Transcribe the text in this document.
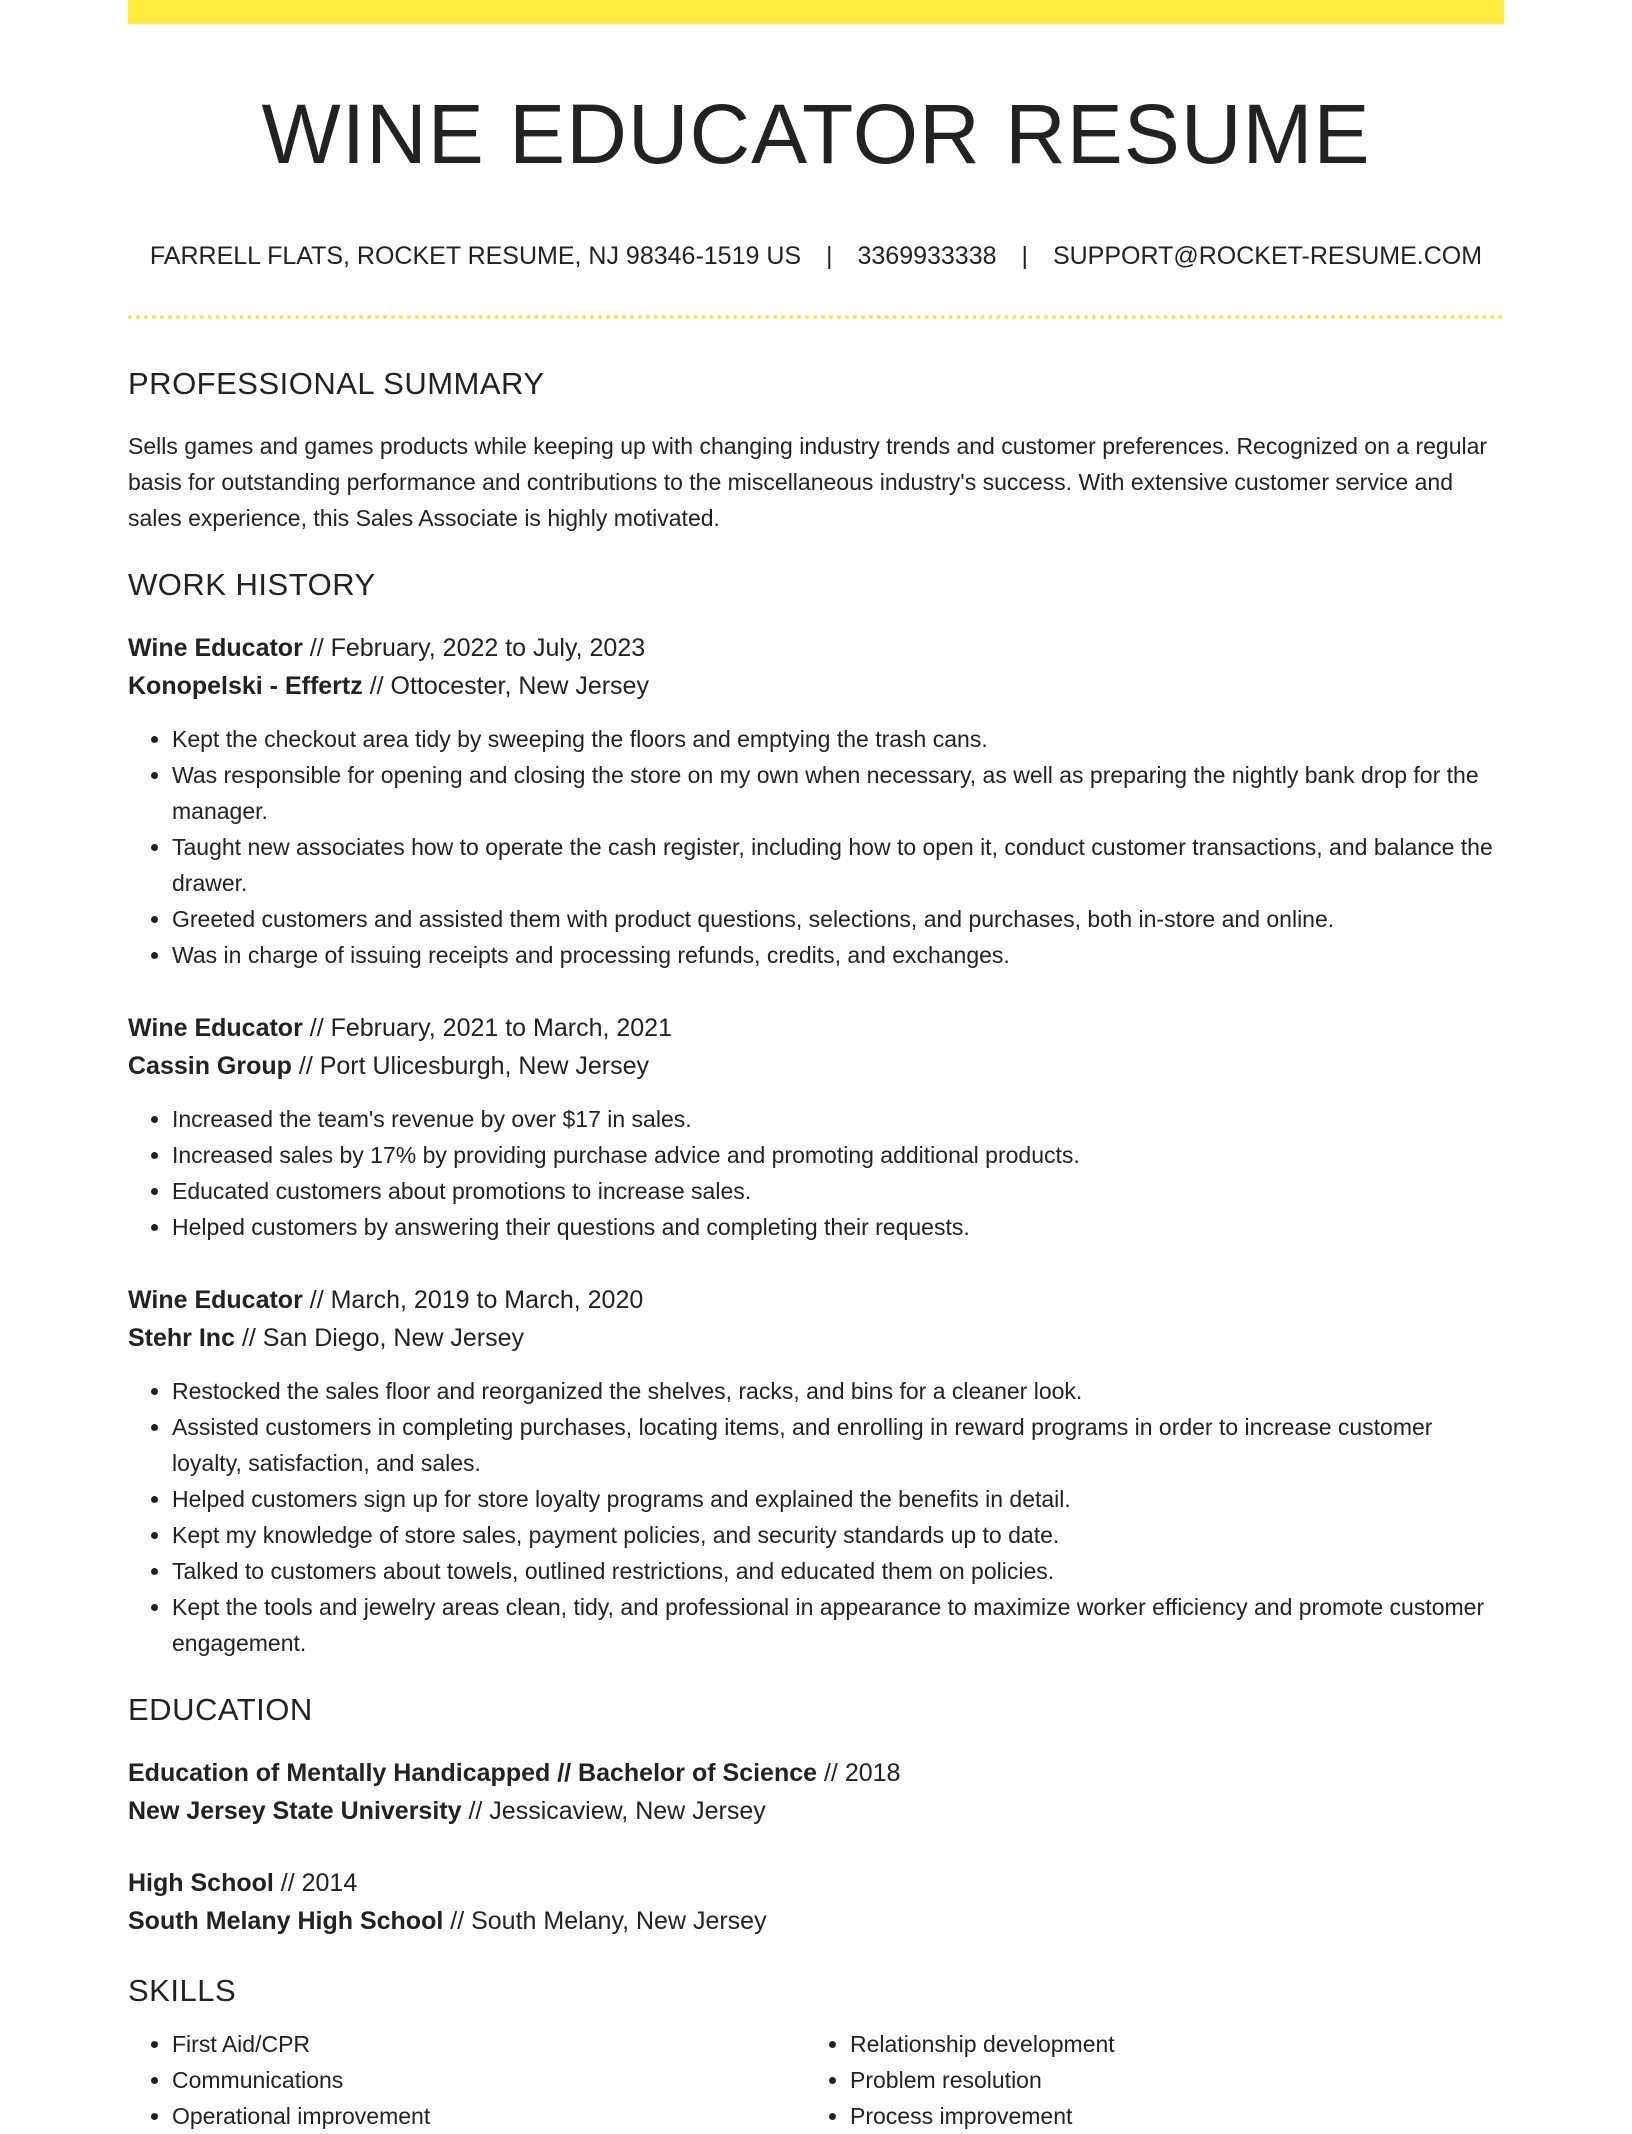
WINE EDUCATOR RESUME
FARRELL FLATS, ROCKET RESUME, NJ 98346-1519 US | 3369933338 | SUPPORT@ROCKET-RESUME.COM
PROFESSIONAL SUMMARY

Sells games and games products while keeping up with changing industry trends and customer preferences. Recognized on a regular basis for outstanding performance and contributions to the miscellaneous industry's success. With extensive customer service and sales experience, this Sales Associate is highly motivated.

WORK HISTORY
Wine Educator // February, 2022 to July, 2023
Konopelski - Effertz // Ottocester, New Jersey
• Kept the checkout area tidy by sweeping the floors and emptying the trash cans.
• Was responsible for opening and closing the store on my own when necessary, as well as preparing the nightly bank drop for the manager.
• Taught new associates how to operate the cash register, including how to open it, conduct customer transactions, and balance the drawer.
• Greeted customers and assisted them with product questions, selections, and purchases, both in-store and online.
• Was in charge of issuing receipts and processing refunds, credits, and exchanges.
Wine Educator // February, 2021 to March, 2021
Cassin Group // Port Ulicesburgh, New Jersey
• Increased the team's revenue by over $17 in sales.
• Increased sales by 17% by providing purchase advice and promoting additional products.
• Educated customers about promotions to increase sales.
• Helped customers by answering their questions and completing their requests.
Wine Educator // March, 2019 to March, 2020
Stehr Inc // San Diego, New Jersey
• Restocked the sales floor and reorganized the shelves, racks, and bins for a cleaner look.
• Assisted customers in completing purchases, locating items, and enrolling in reward programs in order to increase customer loyalty, satisfaction, and sales.
• Helped customers sign up for store loyalty programs and explained the benefits in detail.
• Kept my knowledge of store sales, payment policies, and security standards up to date.
• Talked to customers about towels, outlined restrictions, and educated them on policies.
• Kept the tools and jewelry areas clean, tidy, and professional in appearance to maximize worker efficiency and promote customer engagement.
EDUCATION
Education of Mentally Handicapped // Bachelor of Science // 2018
New Jersey State University // Jessicaview, New Jersey
High School // 2014
South Melany High School // South Melany, New Jersey
SKILLS
• First Aid/CPR
• Communications
• Operational improvement
• Relationship development
• Problem resolution
• Process improvement
